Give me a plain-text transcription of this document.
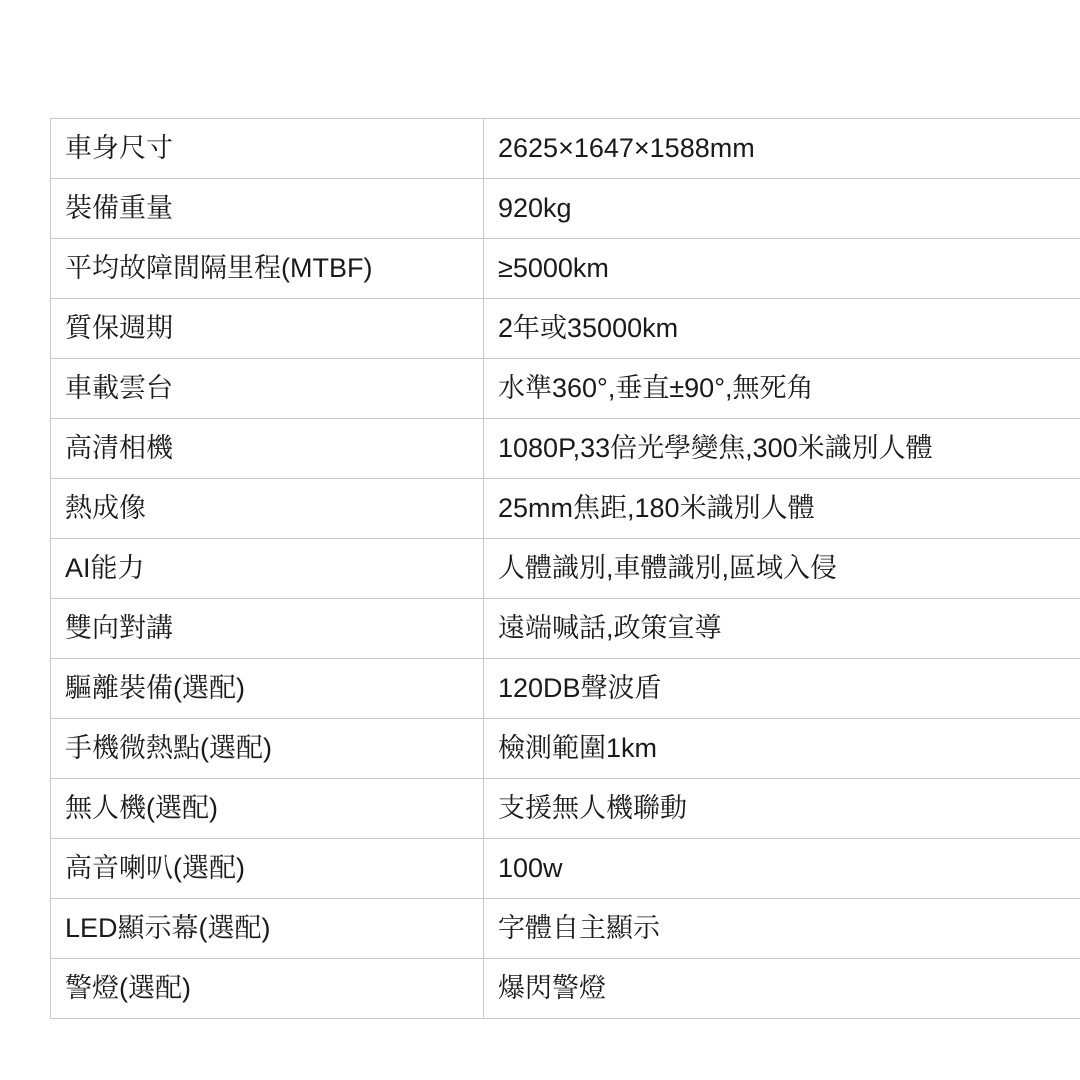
車身尺寸	2625×1647×1588mm
裝備重量	920kg
平均故障間隔里程(MTBF)	≥5000km
質保週期	2年或35000km
車載雲台	水準360°,垂直±90°,無死角
高清相機	1080P,33倍光學變焦,300米識別人體
熱成像	25mm焦距,180米識別人體
AI能力	人體識別,車體識別,區域入侵
雙向對講	遠端喊話,政策宣導
驅離裝備(選配)	120DB聲波盾
手機微熱點(選配)	檢測範圍1km
無人機(選配)	支援無人機聯動
高音喇叭(選配)	100w
LED顯示幕(選配)	字體自主顯示
警燈(選配)	爆閃警燈
